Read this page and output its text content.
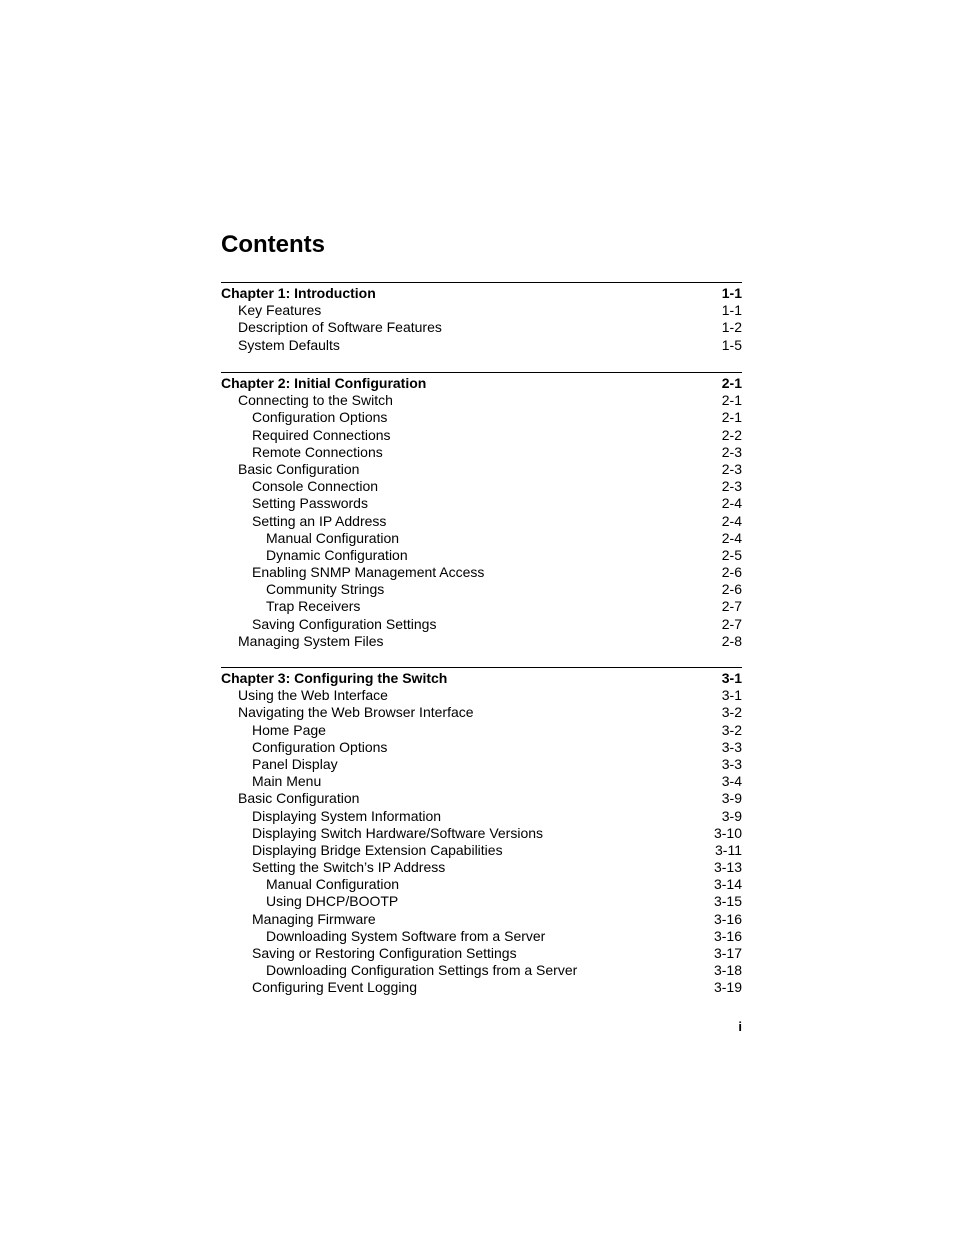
Contents
Chapter 1: Introduction	1-1
Key Features	1-1
Description of Software Features	1-2
System Defaults	1-5
Chapter 2: Initial Configuration	2-1
Connecting to the Switch	2-1
Configuration Options	2-1
Required Connections	2-2
Remote Connections	2-3
Basic Configuration	2-3
Console Connection	2-3
Setting Passwords	2-4
Setting an IP Address	2-4
Manual Configuration	2-4
Dynamic Configuration	2-5
Enabling SNMP Management Access	2-6
Community Strings	2-6
Trap Receivers	2-7
Saving Configuration Settings	2-7
Managing System Files	2-8
Chapter 3: Configuring the Switch	3-1
Using the Web Interface	3-1
Navigating the Web Browser Interface	3-2
Home Page	3-2
Configuration Options	3-3
Panel Display	3-3
Main Menu	3-4
Basic Configuration	3-9
Displaying System Information	3-9
Displaying Switch Hardware/Software Versions	3-10
Displaying Bridge Extension Capabilities	3-11
Setting the Switch’s IP Address	3-13
Manual Configuration	3-14
Using DHCP/BOOTP	3-15
Managing Firmware	3-16
Downloading System Software from a Server	3-16
Saving or Restoring Configuration Settings	3-17
Downloading Configuration Settings from a Server	3-18
Configuring Event Logging	3-19
i
